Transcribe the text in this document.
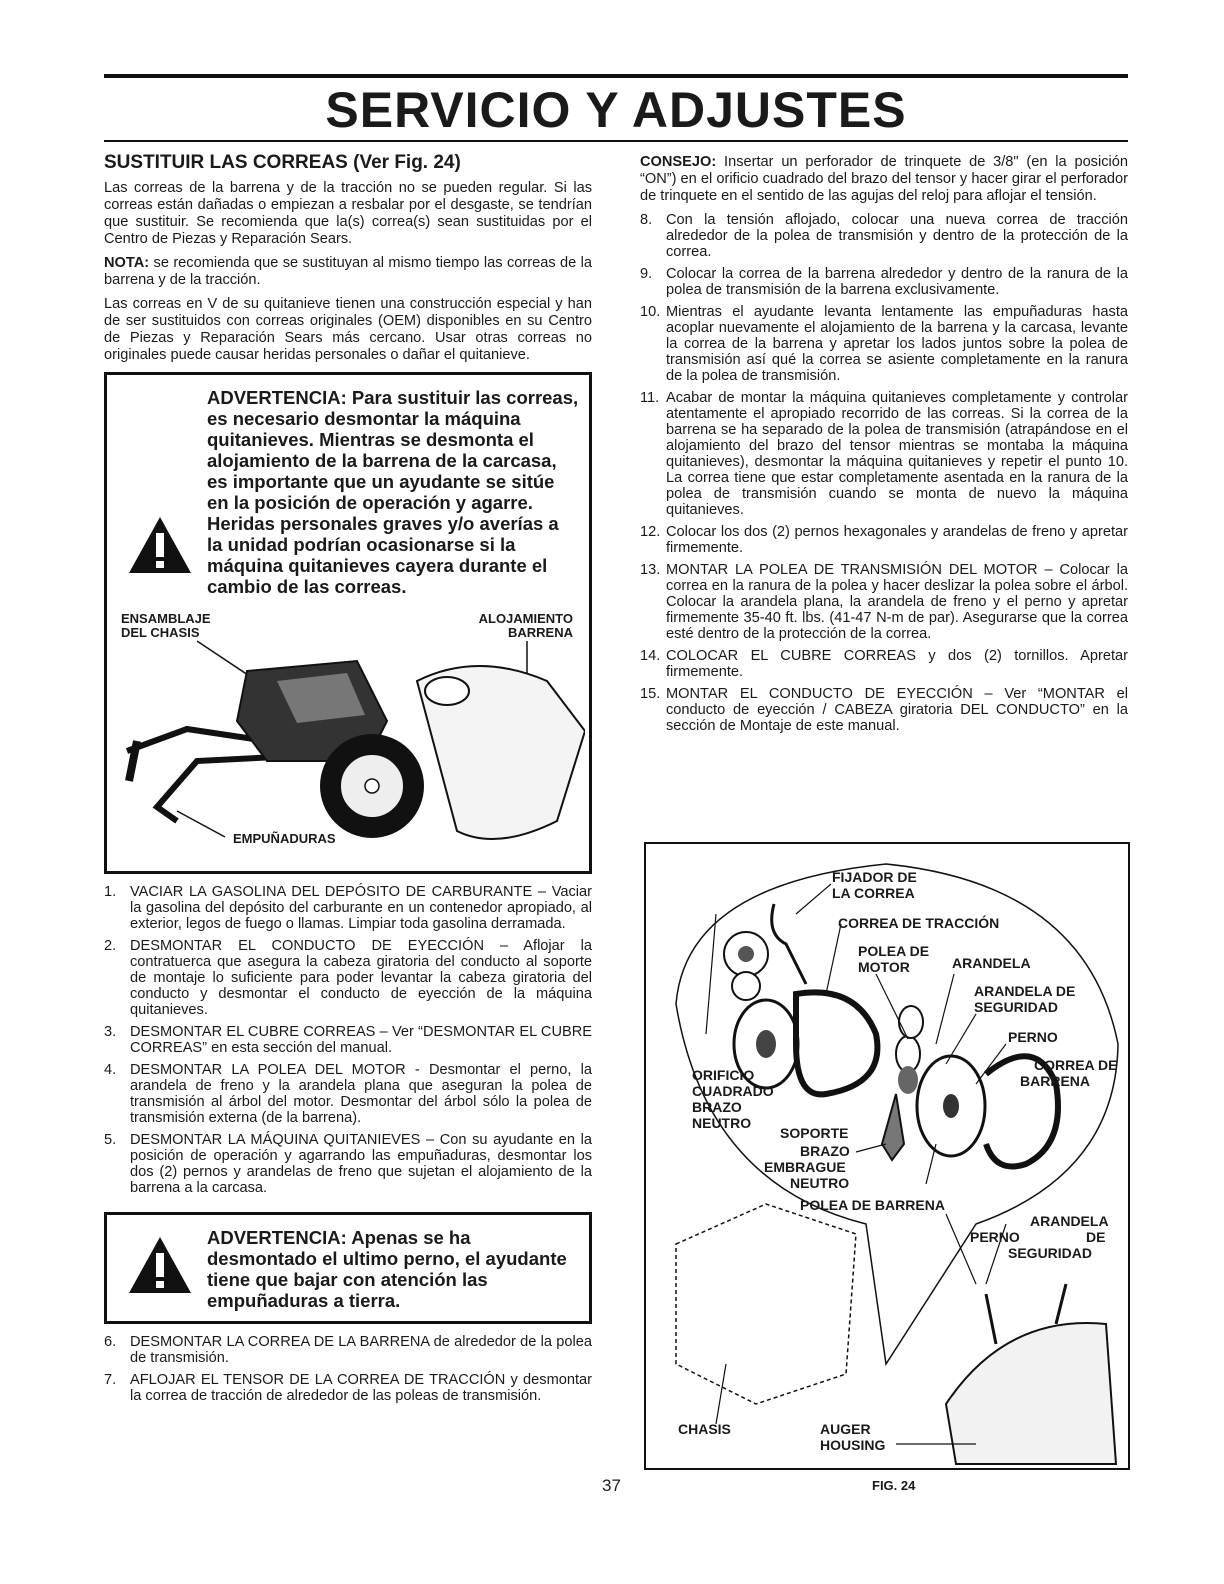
SERVICIO Y ADJUSTES
SUSTITUIR LAS CORREAS (Ver Fig. 24)

Las correas de la barrena y de la tracción no se pueden regular. Si las correas están dañadas o empiezan a resbalar por el desgaste, se tendrían que sustituir. Se recomienda que la(s) correa(s) sean sustituidas por el Centro de Piezas y Reparación Sears.

NOTA: se recomienda que se sustituyan al mismo tiempo las correas de la barrena y de la tracción.

Las correas en V de su quitanieve tienen una construcción especial y han de ser sustituidos con correas originales (OEM) disponibles en su Centro de Piezas y Reparación Sears más cercano. Usar otras correas no originales puede causar heridas personales o dañar el quitanieve.

ADVERTENCIA: Para sustituir las correas, es necesario desmontar la máquina quitanieves. Mientras se desmonta el alojamiento de la barrena de la carcasa, es importante que un ayudante se sitúe en la posición de operación y agarre. Heridas personales graves y/o averías a la unidad podrían ocasionarse si la máquina quitanieves cayera durante el cambio de las correas.
ENSAMBLAJE
DEL CHASIS
ALOJAMIENTO
BARRENA
EMPUÑADURAS
1. VACIAR LA GASOLINA DEL DEPÓSITO DE CARBURANTE – Vaciar la gasolina del depósito del carburante en un contenedor apropiado, al exterior, legos de fuego o llamas. Limpiar toda gasolina derramada.
2. DESMONTAR EL CONDUCTO DE EYECCIÓN – Aflojar la contratuerca que asegura la cabeza giratoria del conducto al soporte de montaje lo suficiente para poder levantar la cabeza giratoria del conducto y desmontar el conducto de eyección de la máquina quitanieves.
3. DESMONTAR EL CUBRE CORREAS – Ver “DESMONTAR EL CUBRE CORREAS” en esta sección del manual.
4. DESMONTAR LA POLEA DEL MOTOR - Desmontar el perno, la arandela de freno y la arandela plana que aseguran la polea de transmisión al árbol del motor. Desmontar del árbol sólo la polea de transmisión externa (de la barrena).
5. DESMONTAR LA MÁQUINA QUITANIEVES – Con su ayudante en la posición de operación y agarrando las empuñaduras, desmontar los dos (2) pernos y arandelas de freno que sujetan el alojamiento de la barrena a la carcasa.
ADVERTENCIA: Apenas se ha desmontado el ultimo perno, el ayudante tiene que bajar con atención las empuñaduras a tierra.
6. DESMONTAR LA CORREA DE LA BARRENA de alrededor de la polea de transmisión.
7. AFLOJAR EL TENSOR DE LA CORREA DE TRACCIÓN y desmontar la correa de tracción de alrededor de las poleas de transmisión.

CONSEJO: Insertar un perforador de trinquete de 3/8" (en la posición “ON”) en el orificio cuadrado del brazo del tensor y hacer girar el perforador de trinquete en el sentido de las agujas del reloj para aflojar el tensión.

8. Con la tensión aflojado, colocar una nueva correa de tracción alrededor de la polea de transmisión y dentro de la protección de la correa.
9. Colocar la correa de la barrena alrededor y dentro de la ranura de la polea de transmisión de la barrena exclusivamente.
10. Mientras el ayudante levanta lentamente las empuñaduras hasta acoplar nuevamente el alojamiento de la barrena y la carcasa, levante la correa de la barrena y apretar los lados juntos sobre la polea de transmisión así qué la correa se asiente completamente en la ranura de la polea de transmisión.
11. Acabar de montar la máquina quitanieves completamente y controlar atentamente el apropiado recorrido de las correas. Si la correa de la barrena se ha separado de la polea de transmisión (atrapándose en el alojamiento del brazo del tensor mientras se montaba la máquina quitanieves), desmontar la máquina quitanieves y repetir el punto 10. La correa tiene que estar completamente asentada en la ranura de la polea de transmisión cuando se monta de nuevo la máquina quitanieves.
12. Colocar los dos (2) pernos hexagonales y arandelas de freno y apretar firmemente.
13. MONTAR LA POLEA DE TRANSMISIÓN DEL MOTOR – Colocar la correa en la ranura de la polea y hacer deslizar la polea sobre el árbol. Colocar la arandela plana, la arandela de freno y el perno y apretar firmemente 35-40 ft. lbs. (41-47 N-m de par). Asegurarse que la correa esté dentro de la protección de la correa.
14. COLOCAR EL CUBRE CORREAS y dos (2) tornillos. Apretar firmemente.
15. MONTAR EL CONDUCTO DE EYECCIÓN – Ver “MONTAR el conducto de eyección / CABEZA giratoria DEL CONDUCTO” en la sección de Montaje de este manual.
FIJADOR DE
LA CORREA
CORREA DE TRACCIÓN
POLEA DE
MOTOR	ARANDELA
ARANDELA DE
SEGURIDAD
PERNO
CORREA DE
BARRENA
ORIFICIO
CUADRADO
BRAZO
NEUTRO
SOPORTE
BRAZO
EMBRAGUE
NEUTRO
POLEA DE BARRENA
ARANDELA
PERNO	DE
SEGURIDAD
CHASIS	AUGER
HOUSING
FIG. 24
37
